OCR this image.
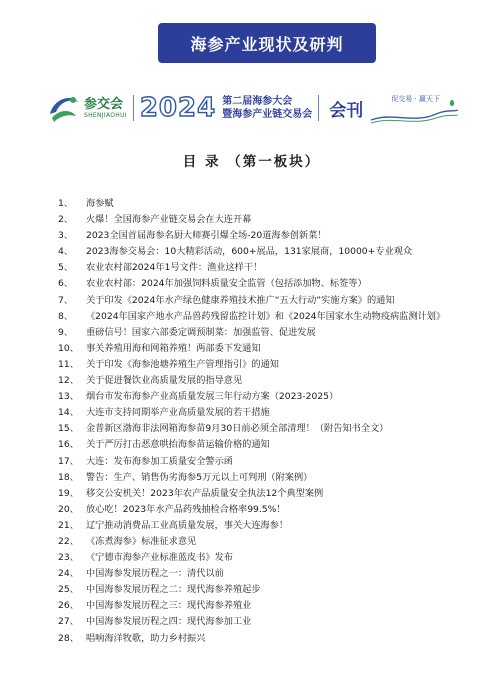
海参产业现状及研判
参交会
SHENJIAOHUI 2024 第二届海参大会
暨海参产业链交易会 会刊
促交易 · 赢天下
目 录 （第一板块）
1、	海参赋
2、	火爆！全国海参产业链交易会在大连开幕
3、	2023全国首届海参名厨大师赛引爆全场-20道海参创新菜！
4、	2023海参交易会：10大精彩活动，600+展品，131家展商，10000+专业观众
5、	农业农村部2024年1号文件：渔业这样干！
6、	农业农村部：2024年加强饲料质量安全监管（包括添加物、标签等）
7、	关于印发《2024年水产绿色健康养殖技术推广“五大行动”实施方案》的通知
8、	《2024年国家产地水产品兽药残留监控计划》和《2024年国家水生动物疫病监测计划》
9、	重磅信号！国家六部委定调预制菜：加强监管、促进发展
10、 事关养殖用海和网箱养殖！两部委下发通知
11、 关于印发《海参池塘养殖生产管理指引》的通知
12、 关于促进餐饮业高质量发展的指导意见
13、 烟台市发布海参产业高质量发展三年行动方案（2023-2025）
14、 大连市支持同期举产业高质量发展的若干措施
15、 金普新区渤海非法网箱海参苗9月30日前必须全部清理！（附告知书全文）
16、 关于严厉打击恶意哄抬海参苗运输价格的通知
17、 大连：发布海参加工质量安全警示函
18、 警告：生产、销售伪劣海参5万元以上可判刑（附案例）
19、 移交公安机关！2023年农产品质量安全执法12个典型案例
20、 放心吃！2023年水产品药残抽检合格率99.5%！
21、 辽宁推动消费品工业高质量发展，事关大连海参！
22、 《冻煮海参》标准征求意见
23、 《宁德市海参产业标准蓝皮书》发布
24、 中国海参发展历程之一：清代以前
25、 中国海参发展历程之二：现代海参养殖起步
26、 中国海参发展历程之三：现代海参养殖业
27、 中国海参发展历程之四：现代海参加工业
28、 唱响海洋牧歌，助力乡村振兴
